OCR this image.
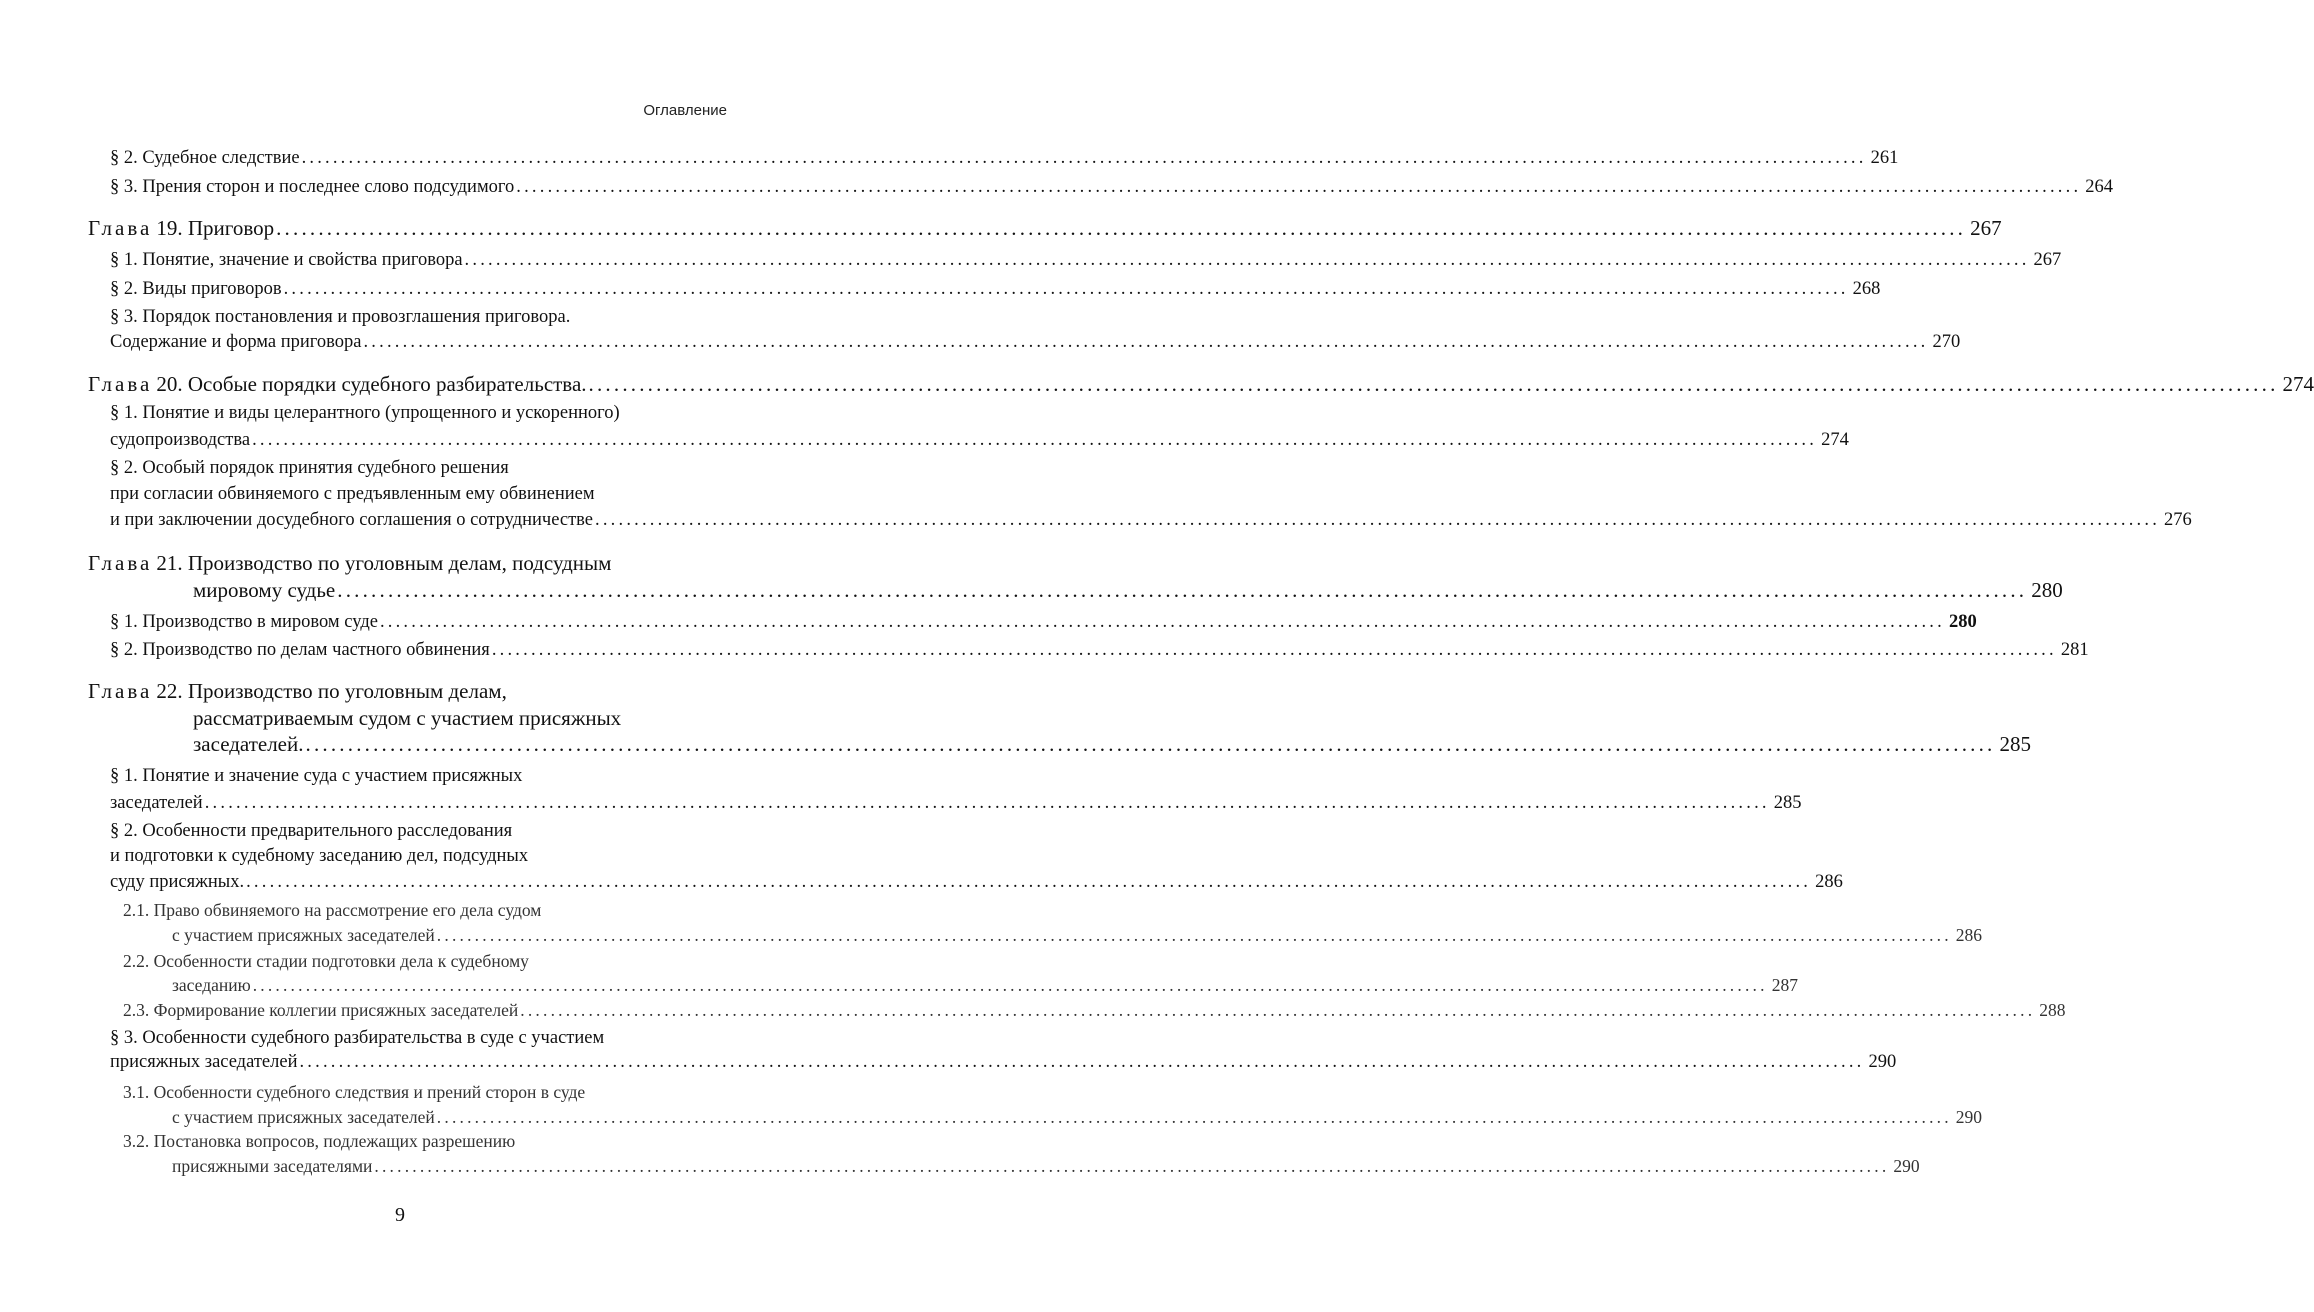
Оглавление
§ 2. Судебное следствие ........................................................................................................................................................................................................ 261
§ 3. Прения сторон и последнее слово подсудимого ........................................................................................................................................................................................................ 264
Глава 19. Приговор ........................................................................................................................................................................................................ 267
§ 1. Понятие, значение и свойства приговора ........................................................................................................................................................................................................ 267
§ 2. Виды приговоров ........................................................................................................................................................................................................ 268
§ 3. Порядок постановления и провозглашения приговора.
Содержание и форма приговора ........................................................................................................................................................................................................ 270
Глава 20. Особые порядки судебного разбирательства. ........................................................................................................................................................................................................ 274
§ 1. Понятие и виды целерантного (упрощенного и ускоренного)
судопроизводства ........................................................................................................................................................................................................ 274
§ 2. Особый порядок принятия судебного решения
при согласии обвиняемого с предъявленным ему обвинением
и при заключении досудебного соглашения о сотрудничестве ........................................................................................................................................................................................................ 276
Глава 21. Производство по уголовным делам, подсудным
мировому судье ........................................................................................................................................................................................................ 280
§ 1. Производство в мировом суде ........................................................................................................................................................................................................ 280
§ 2. Производство по делам частного обвинения ........................................................................................................................................................................................................ 281
Глава 22. Производство по уголовным делам,
рассматриваемым судом с участием присяжных
заседателей. ........................................................................................................................................................................................................ 285
§ 1. Понятие и значение суда с участием присяжных
заседателей ........................................................................................................................................................................................................ 285
§ 2. Особенности предварительного расследования
и подготовки к судебному заседанию дел, подсудных
суду присяжных. ........................................................................................................................................................................................................ 286
2.1. Право обвиняемого на рассмотрение его дела судом
с участием присяжных заседателей ........................................................................................................................................................................................................ 286
2.2. Особенности стадии подготовки дела к судебному
заседанию ........................................................................................................................................................................................................ 287
2.3. Формирование коллегии присяжных заседателей ........................................................................................................................................................................................................ 288
§ 3. Особенности судебного разбирательства в суде с участием
присяжных заседателей ........................................................................................................................................................................................................ 290
3.1. Особенности судебного следствия и прений сторон в суде
с участием присяжных заседателей ........................................................................................................................................................................................................ 290
3.2. Постановка вопросов, подлежащих разрешению
присяжными заседателями ........................................................................................................................................................................................................ 290
9
